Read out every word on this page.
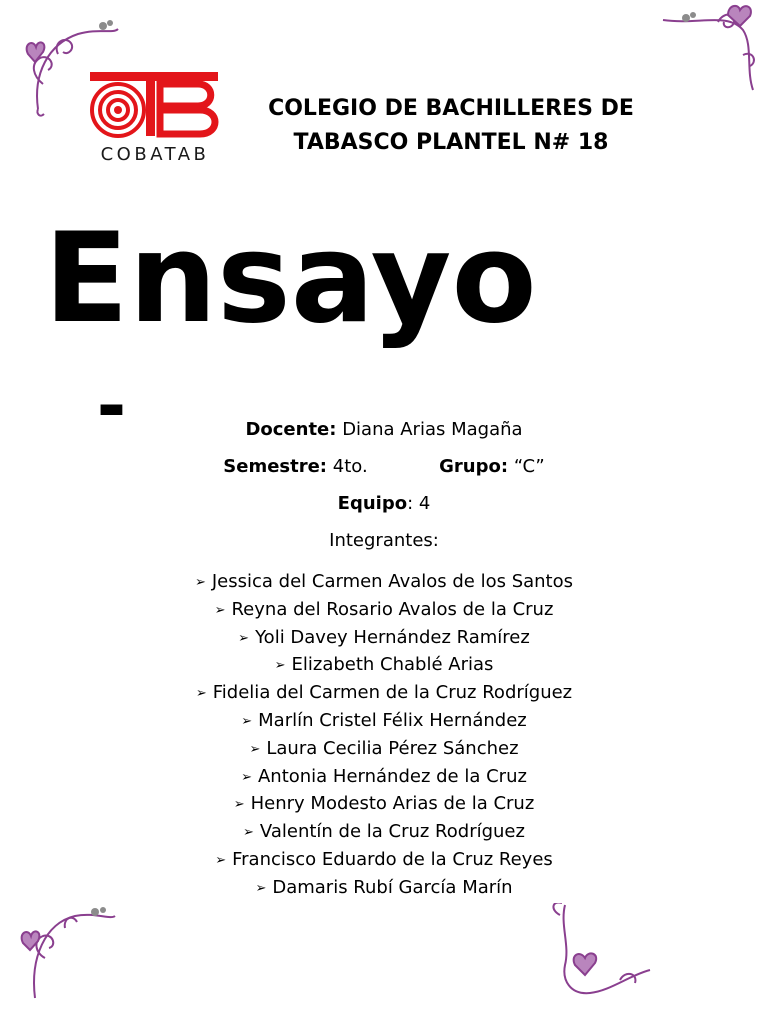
COBATAB
COLEGIO DE BACHILLERES DE
TABASCO PLANTEL N# 18
Ensayo
Docente: Diana Arias Magaña
Semestre: 4to.	Grupo: “C”
Equipo: 4
Integrantes:
➢ Jessica del Carmen Avalos de los Santos
➢ Reyna del Rosario Avalos de la Cruz
➢ Yoli Davey Hernández Ramírez
➢ Elizabeth Chablé Arias
➢ Fidelia del Carmen de la Cruz Rodríguez
➢ Marlín Cristel Félix Hernández
➢ Laura Cecilia Pérez Sánchez
➢ Antonia Hernández de la Cruz
➢ Henry Modesto Arias de la Cruz
➢ Valentín de la Cruz Rodríguez
➢ Francisco Eduardo de la Cruz Reyes
➢ Damaris Rubí García Marín
